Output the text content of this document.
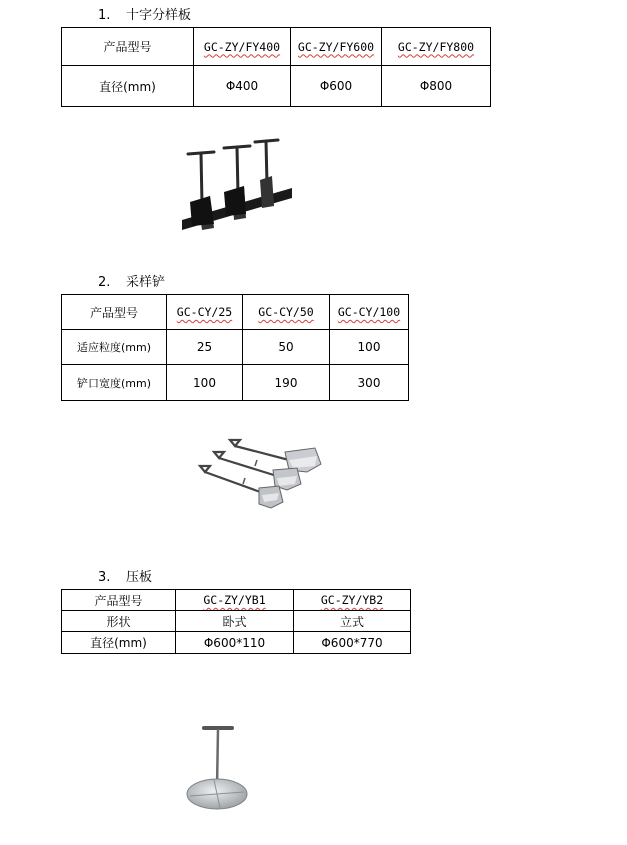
1. 十字分样板
产品型号	GC-ZY/FY400	GC-ZY/FY600	GC-ZY/FY800
直径(mm)	Φ400	Φ600	Φ800
2. 采样铲
产品型号	GC-CY/25	GC-CY/50	GC-CY/100
适应粒度(mm)	25	50	100
铲口宽度(mm)	100	190	300
3. 压板
产品型号	GC-ZY/YB1	GC-ZY/YB2
形状	卧式	立式
直径(mm)	Φ600*110	Φ600*770
